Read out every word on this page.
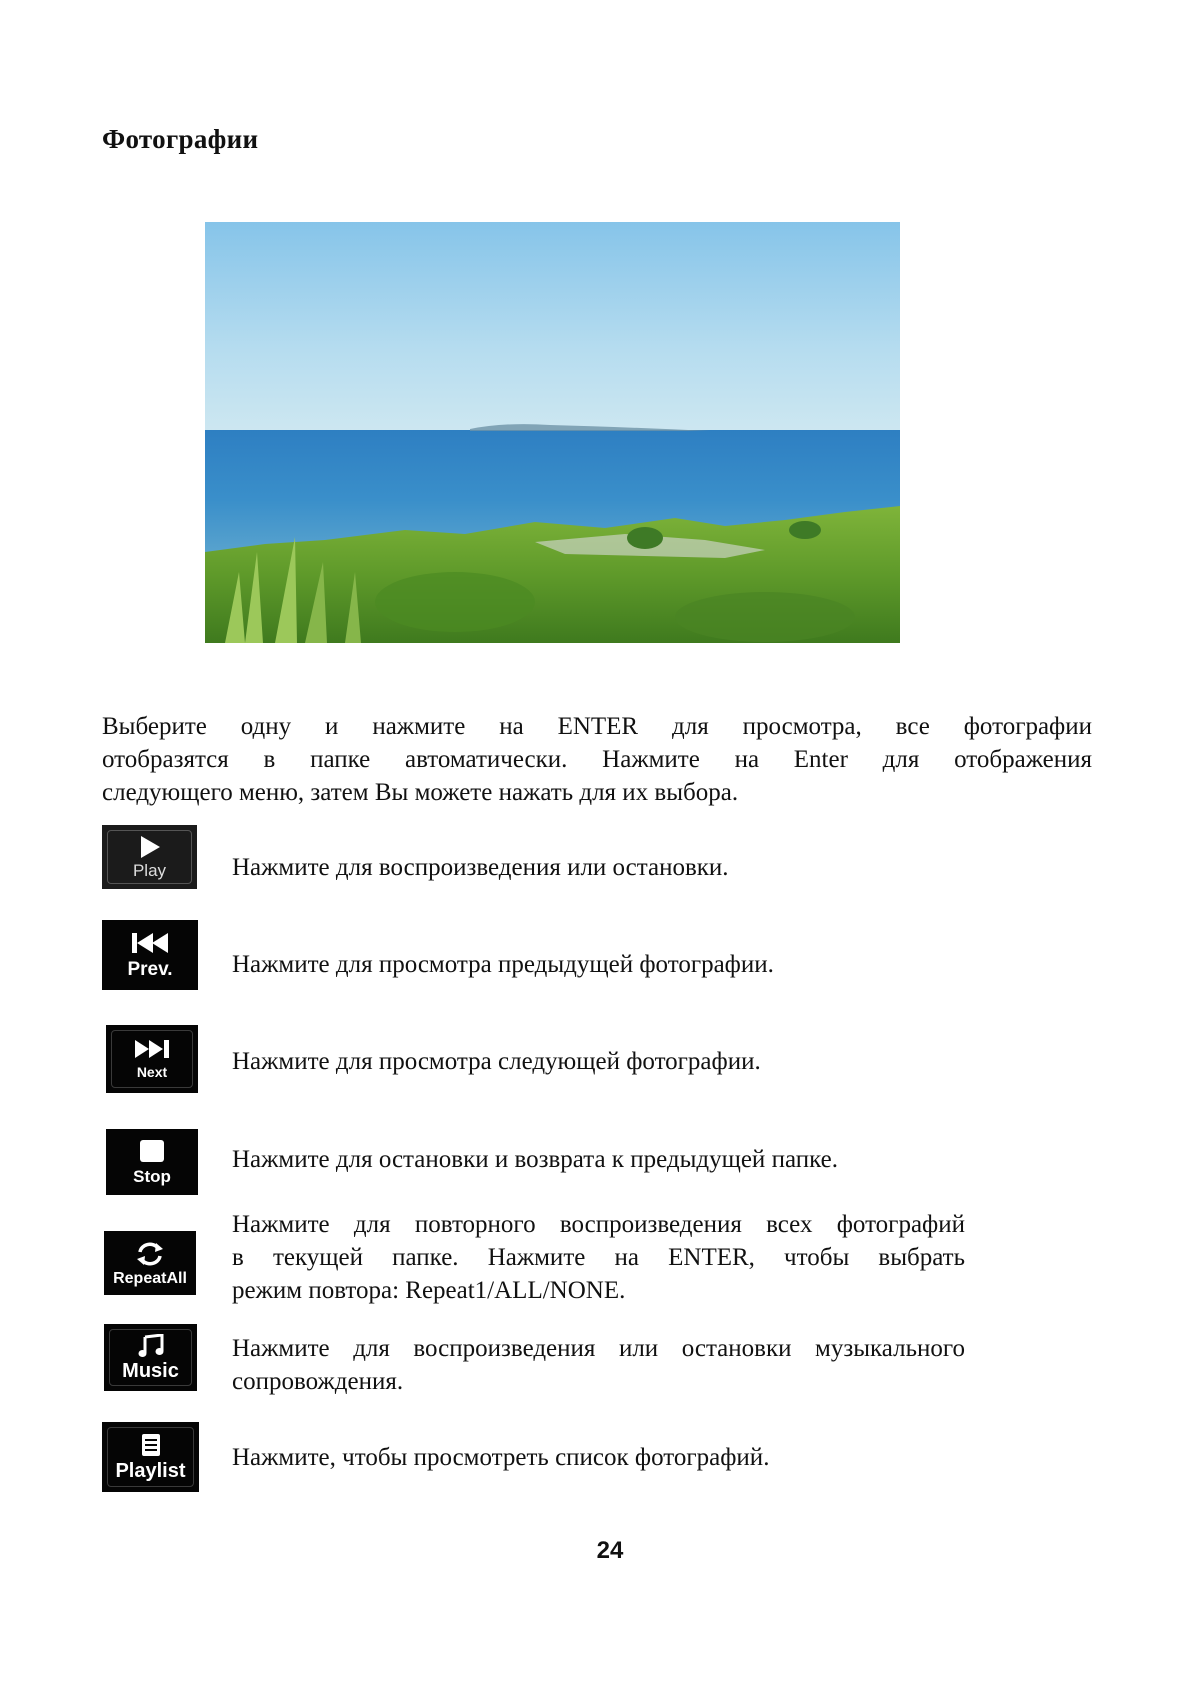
Фотографии
Выберите одну и нажмите на ENTER для просмотра, все фотографии
отобразятся в папке автоматически. Нажмите на Enter для отображения
следующего меню, затем Вы можете нажать для их выбора.
Play	Нажмите для воспроизведения или остановки.
Prev. Нажмите для просмотра предыдущей фотографии.
Next	Нажмите для просмотра следующей фотографии.
Stop
Нажмите для остановки и возврата к предыдущей папке.
RepeatAll
Нажмите для повторного воспроизведения всех фотографий
в текущей папке. Нажмите на ENTER, чтобы выбрать
режим повтора: Repeat1/ALL/NONE.
Music
Нажмите для воспроизведения или остановки музыкального
сопровождения.
Playlist Нажмите, чтобы просмотреть список фотографий.
24
